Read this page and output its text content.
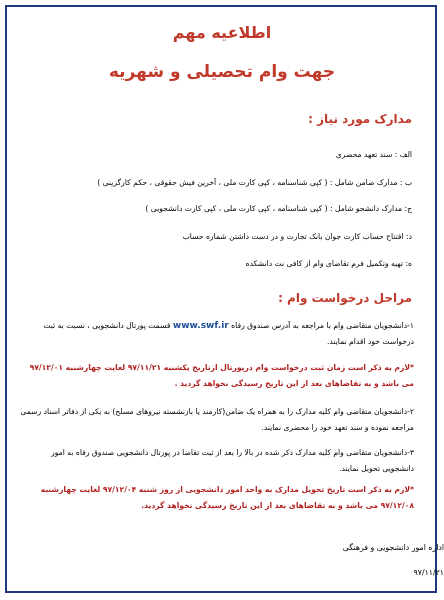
اطلاعیه مهم
جهت وام تحصیلی و شهریه
مدارک مورد نیاز :
الف : سند تعهد محضری
ب : مدارک ضامن شامل : ( کپی شناسنامه ، کپی کارت ملی ، آخرین فیش حقوقی ، حکم کارگزینی )
ج: مدارک دانشجو شامل : ( کپی شناسنامه ، کپی کارت ملی ، کپی کارت دانشجویی )
د: افتتاح حساب کارت جوان بانک تجارت و در دست داشتن شماره حساب
ه: تهیه وتکمیل فرم تقاضای وام از کافی نت دانشکده
مراحل درخواست وام :
۱-دانشجویان متقاضی وام با مراجعه به آدرس صندوق رفاه www.swf.ir قسمت پورتال دانشجویی ، نسبت به ثبت درخواست خود اقدام نمایند.
*لازم به ذکر است زمان ثبت درخواست وام درپورتال ازتاریخ یکشنبه ۹۷/۱۱/۲۱ لغایت چهارشنبه ۹۷/۱۲/۰۱ می باشد و به تقاضاهای بعد از این تاریخ رسیدگی نخواهد گردید .
۲-دانشجویان متقاضی وام کلیه مدارک را به همراه یک ضامن(کارمند یا بازنشسته نیروهای مسلح) به یکی از دفاتر اسناد رسمی مراجعه نموده و سند تعهد خود را محضری نمایند.
۳-دانشجویان متقاضی وام کلیه مدارک ذکر شده در بالا را بعد از ثبت تقاضا در پورتال دانشجویی صندوق رفاه به امور دانشجویی تحویل نمایند.
*لازم به ذکر است تاریخ تحویل مدارک به واحد امور دانشجویی از روز شنبه ۹۷/۱۲/۰۴ لغایت چهارشنبه ۹۷/۱۲/۰۸ می باشد و به تقاضاهای بعد از این تاریخ رسیدگی نخواهد گردید.
اداره امور دانشجویی و فرهنگی
۹۷/۱۱/۲۱
